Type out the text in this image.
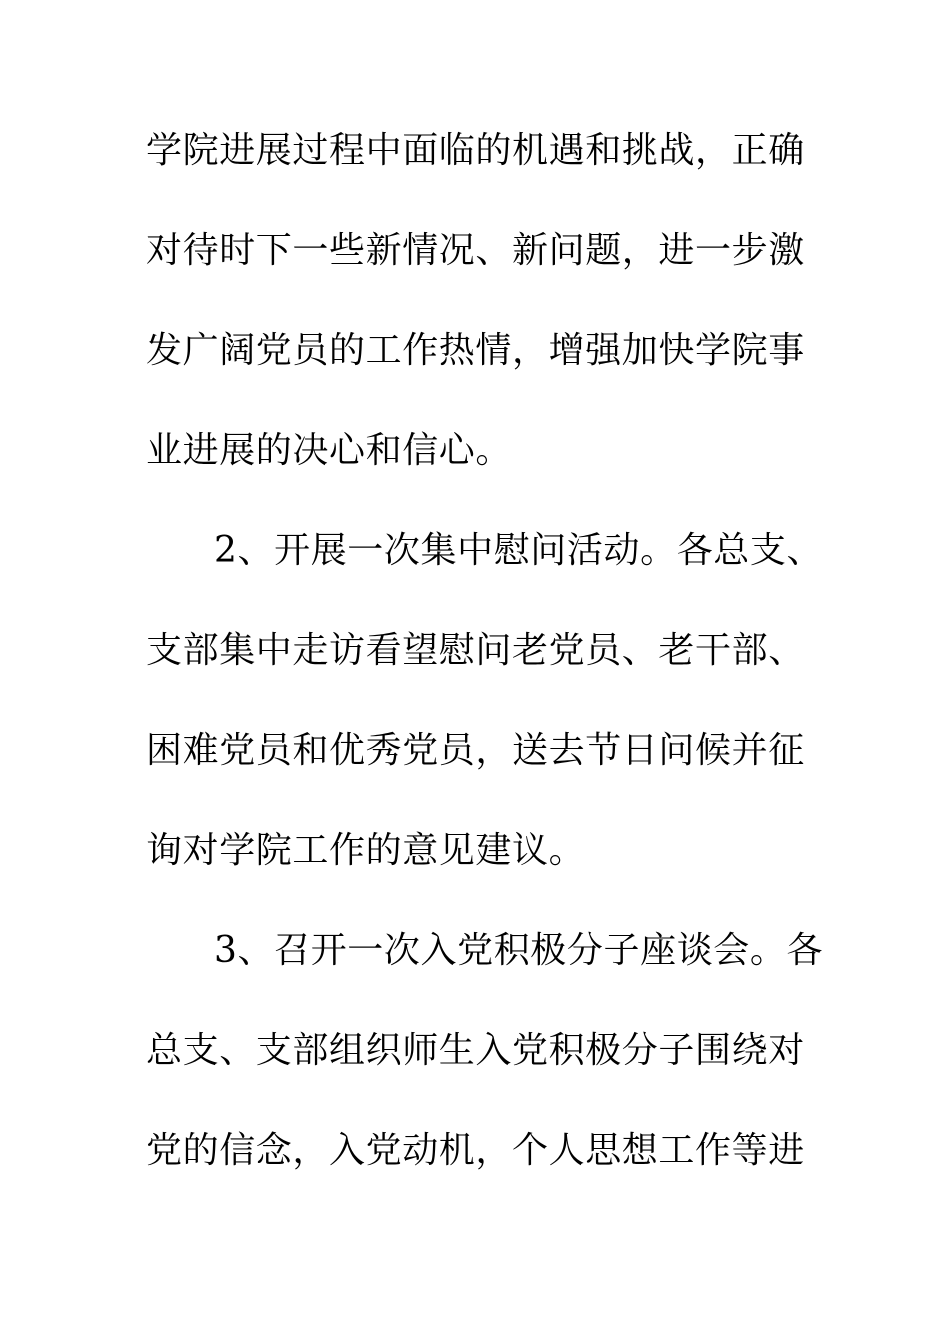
学院进展过程中面临的机遇和挑战，正确
对待时下一些新情况、新问题，进一步激
发广阔党员的工作热情，增强加快学院事
业进展的决心和信心。
2、开展一次集中慰问活动。各总支、
支部集中走访看望慰问老党员、老干部、
困难党员和优秀党员，送去节日问候并征
询对学院工作的意见建议。
3、召开一次入党积极分子座谈会。各
总支、支部组织师生入党积极分子围绕对
党的信念，入党动机，个人思想工作等进
